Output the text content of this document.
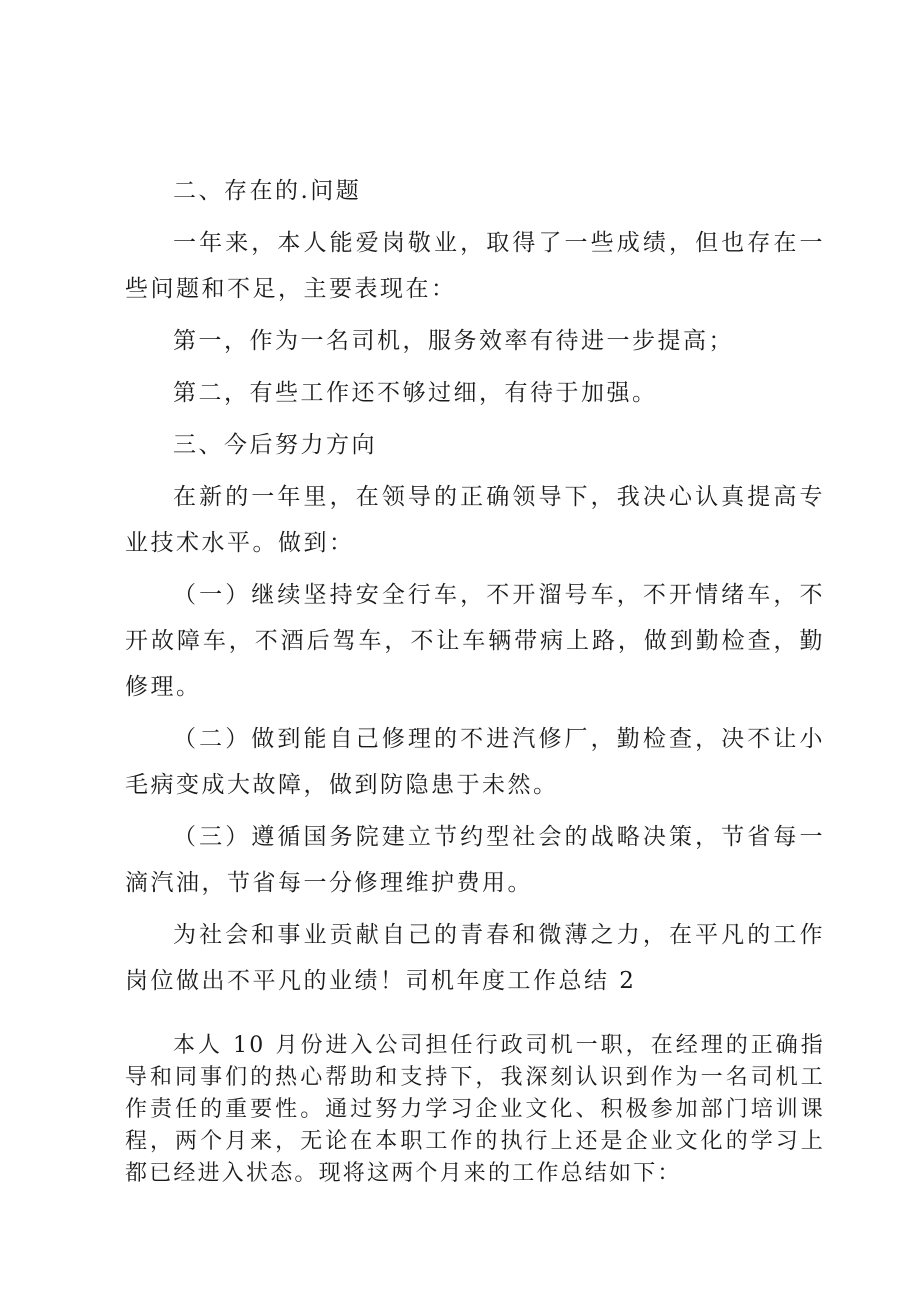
二、存在的.问题

一年来，本人能爱岗敬业，取得了一些成绩，但也存在一些问题和不足，主要表现在：

第一，作为一名司机，服务效率有待进一步提高；

第二，有些工作还不够过细，有待于加强。

三、今后努力方向

在新的一年里，在领导的正确领导下，我决心认真提高专业技术水平。做到：

（一）继续坚持安全行车，不开溜号车，不开情绪车，不开故障车，不酒后驾车，不让车辆带病上路，做到勤检查，勤修理。

（二）做到能自己修理的不进汽修厂，勤检查，决不让小毛病变成大故障，做到防隐患于未然。

（三）遵循国务院建立节约型社会的战略决策，节省每一滴汽油，节省每一分修理维护费用。

为社会和事业贡献自己的青春和微薄之力，在平凡的工作岗位做出不平凡的业绩！司机年度工作总结 2

本人 10 月份进入公司担任行政司机一职，在经理的正确指导和同事们的热心帮助和支持下，我深刻认识到作为一名司机工作责任的重要性。通过努力学习企业文化、积极参加部门培训课程，两个月来，无论在本职工作的执行上还是企业文化的学习上都已经进入状态。现将这两个月来的工作总结如下：
